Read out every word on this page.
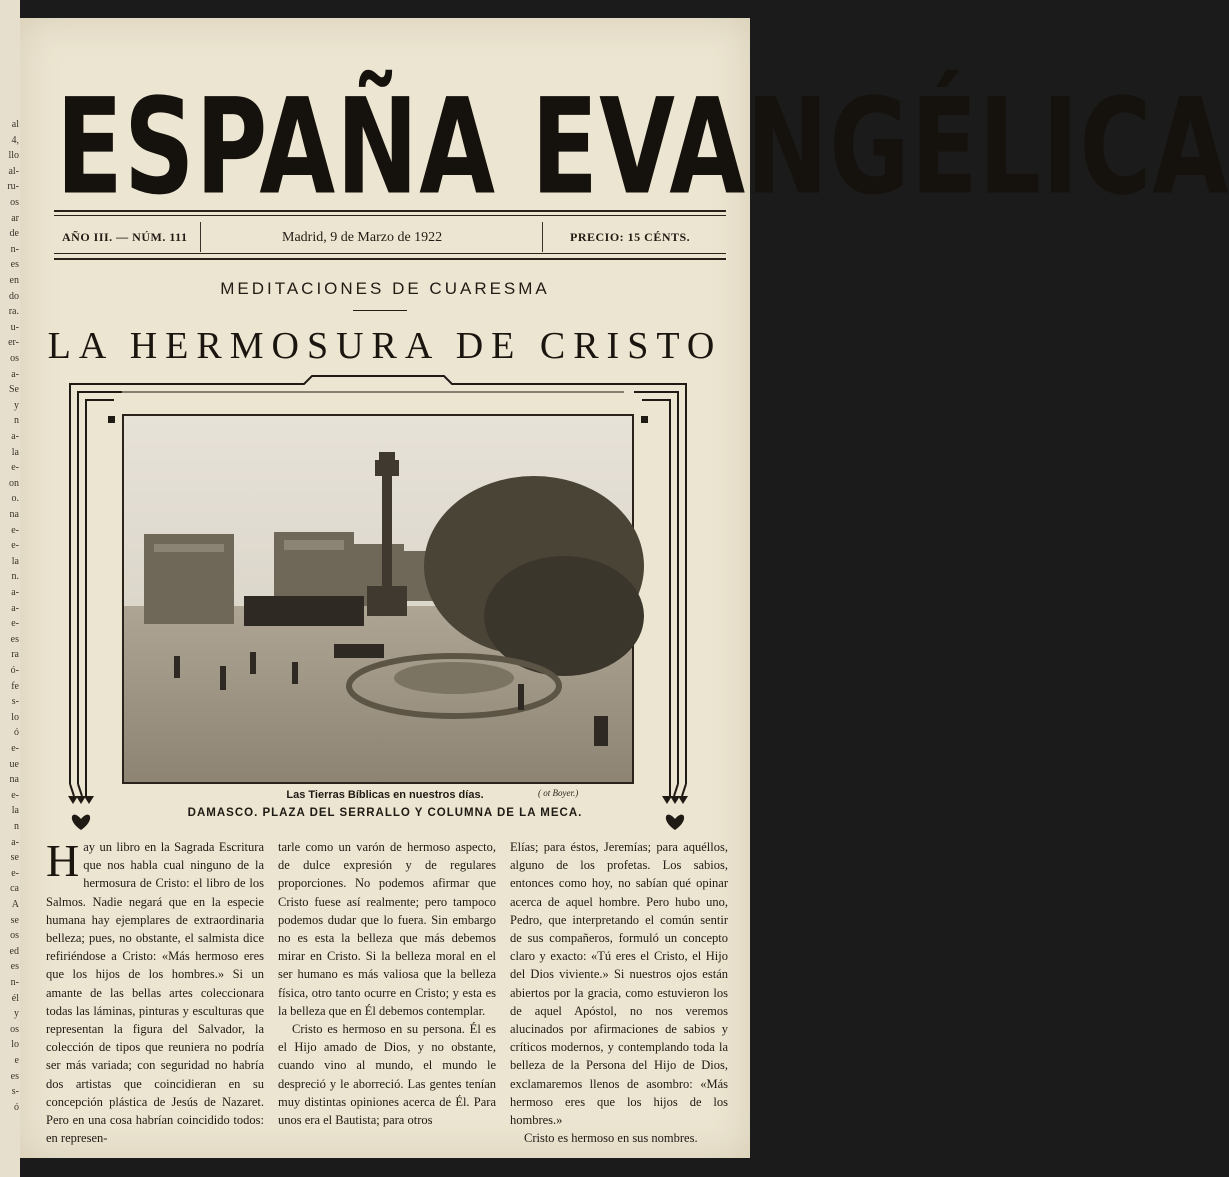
al
4,
llo
al-
ru-
os
ar
de
n-
es
en
do
ra.
u-
er-
os
a-
Se
y
n
a-
la
e-
on
o.
na
e-
e-
la
n.
a-
a-
e-
es
ra
ó-
fe
s-
lo
ó
e-
ue
na
e-
la
n
a-
se
e-
ca
A
se
os
ed
es
n-
él
y
os
lo
e
es
s-
ó
ESPAÑA EVANGÉLICA
AÑO III. — NÚM. 111	Madrid, 9 de Marzo de 1922	PRECIO: 15 CÉNTS.
MEDITACIONES DE CUARESMA
LA HERMOSURA DE CRISTO
( ot Boyer.)
Las Tierras Bíblicas en nuestros días.
DAMASCO. PLAZA DEL SERRALLO Y COLUMNA DE LA MECA.

Hay un libro en la Sagrada Escritura que nos habla cual ninguno de la hermosura de Cristo: el libro de los Salmos. Nadie negará que en la especie humana hay ejemplares de extraordinaria belleza; pues, no obstante, el salmista dice refiriéndose a Cristo: «Más hermoso eres que los hijos de los hombres.» Si un amante de las bellas artes coleccionara todas las láminas, pinturas y esculturas que representan la figura del Salvador, la colección de tipos que reuniera no podría ser más variada; con seguridad no habría dos artistas que coincidieran en su concepción plástica de Jesús de Nazaret. Pero en una cosa habrían coincidido todos: en represen-

tarle como un varón de hermoso aspecto, de dulce expresión y de regulares proporciones. No podemos afirmar que Cristo fuese así realmente; pero tampoco podemos dudar que lo fuera. Sin embargo no es esta la belleza que más debemos mirar en Cristo. Si la belleza moral en el ser humano es más valiosa que la belleza física, otro tanto ocurre en Cristo; y esta es la belleza que en Él debemos contemplar.

Cristo es hermoso en su persona. Él es el Hijo amado de Dios, y no obstante, cuando vino al mundo, el mundo le despreció y le aborreció. Las gentes tenían muy distintas opiniones acerca de Él. Para unos era el Bautista; para otros

Elías; para éstos, Jeremías; para aquéllos, alguno de los profetas. Los sabios, entonces como hoy, no sabían qué opinar acerca de aquel hombre. Pero hubo uno, Pedro, que interpretando el común sentir de sus compañeros, formuló un concepto claro y exacto: «Tú eres el Cristo, el Hijo del Dios viviente.» Si nuestros ojos están abiertos por la gracia, como estuvieron los de aquel Apóstol, no nos veremos alucinados por afirmaciones de sabios y críticos modernos, y contemplando toda la belleza de la Persona del Hijo de Dios, exclamaremos llenos de asombro: «Más hermoso eres que los hijos de los hombres.»

Cristo es hermoso en sus nombres.
